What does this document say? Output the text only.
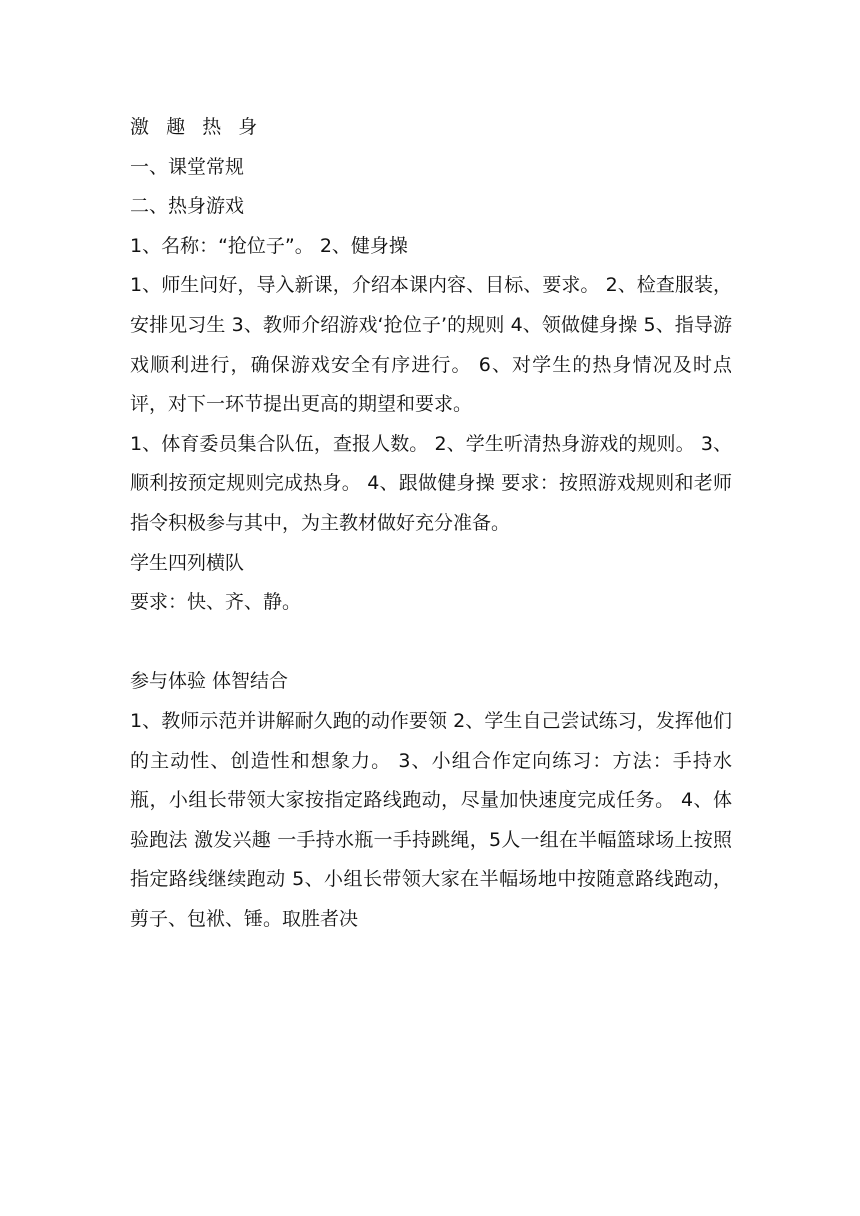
激趣热身

一、课堂常规

二、热身游戏

1、名称：“抢位子”。 2、健身操

1、师生问好，导入新课，介绍本课内容、目标、要求。 2、检查服装，安排见习生 3、教师介绍游戏‘抢位子’的规则 4、领做健身操 5、指导游戏顺利进行，确保游戏安全有序进行。 6、对学生的热身情况及时点评，对下一环节提出更高的期望和要求。

1、体育委员集合队伍，查报人数。 2、学生听清热身游戏的规则。 3、顺利按预定规则完成热身。 4、跟做健身操 要求：按照游戏规则和老师指令积极参与其中，为主教材做好充分准备。

学生四列横队

要求：快、齐、静。

参与体验 体智结合

1、教师示范并讲解耐久跑的动作要领 2、学生自己尝试练习，发挥他们的主动性、创造性和想象力。 3、小组合作定向练习：方法：手持水瓶，小组长带领大家按指定路线跑动，尽量加快速度完成任务。 4、体验跑法 激发兴趣 一手持水瓶一手持跳绳，5人一组在半幅篮球场上按照指定路线继续跑动 5、小组长带领大家在半幅场地中按随意路线跑动，剪子、包袱、锤。取胜者决
